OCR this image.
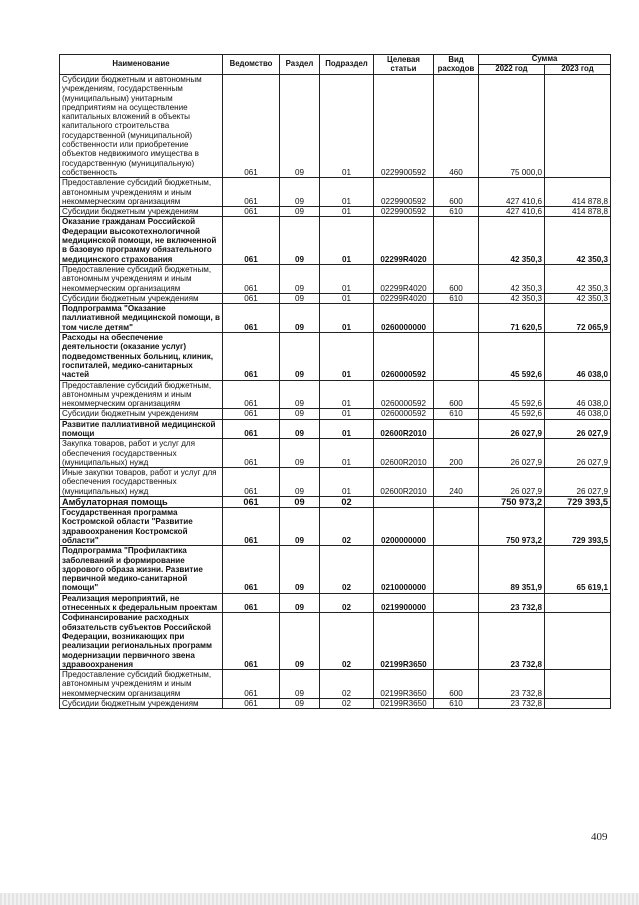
Наименование	Ведомство	Раздел	Подраздел	Целевая статьи	Вид расходов	Сумма	
						2022 год	2023 год
Субсидии бюджетным и автономным учреждениям, государственным (муниципальным) унитарным предприятиям на осуществление капитальных вложений в объекты капитального строительства государственной (муниципальной) собственности или приобретение объектов недвижимого имущества в государственную (муниципальную) собственность	061	09	01	0229900592	460	75 000,0	
Предоставление субсидий бюджетным, автономным учреждениям и иным некоммерческим организациям	061	09	01	0229900592	600	427 410,6	414 878,8
Субсидии бюджетным учреждениям	061	09	01	0229900592	610	427 410,6	414 878,8
Оказание гражданам Российской Федерации высокотехнологичной медицинской помощи, не включенной в базовую программу обязательного медицинского страхования	061	09	01	02299R4020		42 350,3	42 350,3
Предоставление субсидий бюджетным, автономным учреждениям и иным некоммерческим организациям	061	09	01	02299R4020	600	42 350,3	42 350,3
Субсидии бюджетным учреждениям	061	09	01	02299R4020	610	42 350,3	42 350,3
Подпрограмма "Оказание паллиативной медицинской помощи, в том числе детям"	061	09	01	0260000000		71 620,5	72 065,9
Расходы на обеспечение деятельности (оказание услуг) подведомственных больниц, клиник, госпиталей, медико-санитарных частей	061	09	01	0260000592		45 592,6	46 038,0
Предоставление субсидий бюджетным, автономным учреждениям и иным некоммерческим организациям	061	09	01	0260000592	600	45 592,6	46 038,0
Субсидии бюджетным учреждениям	061	09	01	0260000592	610	45 592,6	46 038,0
Развитие паллиативной медицинской помощи	061	09	01	02600R2010		26 027,9	26 027,9
Закупка товаров, работ и услуг для обеспечения государственных (муниципальных) нужд	061	09	01	02600R2010	200	26 027,9	26 027,9
Иные закупки товаров, работ и услуг для обеспечения государственных (муниципальных) нужд	061	09	01	02600R2010	240	26 027,9	26 027,9
Амбулаторная помощь	061	09	02			750 973,2	729 393,5
Государственная программа Костромской области "Развитие здравоохранения Костромской области"	061	09	02	0200000000		750 973,2	729 393,5
Подпрограмма "Профилактика заболеваний и формирование здорового образа жизни. Развитие первичной медико-санитарной помощи"	061	09	02	0210000000		89 351,9	65 619,1
Реализация мероприятий, не отнесенных к федеральным проектам	061	09	02	0219900000		23 732,8	
Софинансирование расходных обязательств субъектов Российской Федерации, возникающих при реализации региональных программ модернизации первичного звена здравоохранения	061	09	02	02199R3650		23 732,8	
Предоставление субсидий бюджетным, автономным учреждениям и иным некоммерческим организациям	061	09	02	02199R3650	600	23 732,8	
Субсидии бюджетным учреждениям	061	09	02	02199R3650	610	23 732,8	
409
